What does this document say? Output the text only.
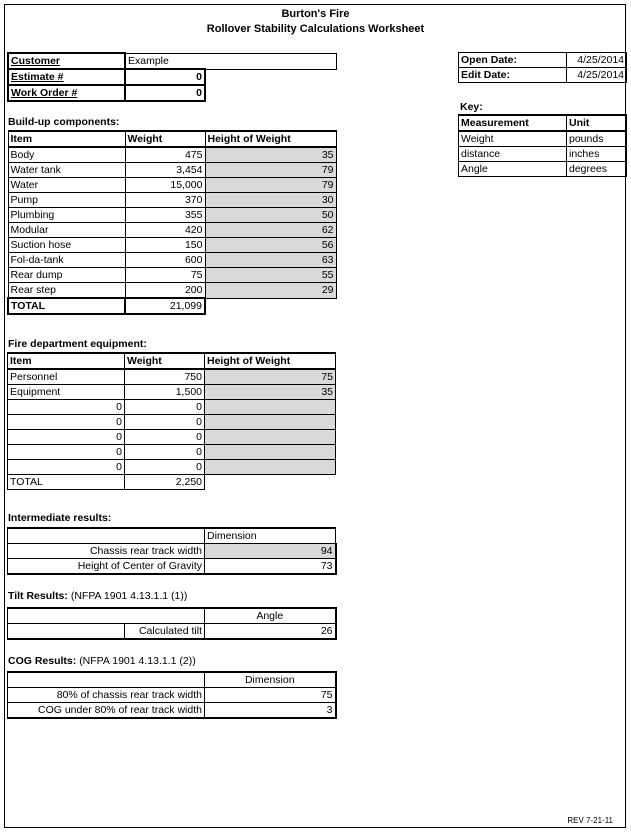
Burton's Fire
Rollover Stability Calculations Worksheet
Customer	Example	
Estimate #	0	
Work Order #	0	
Open Date:	4/25/2014
Edit Date:	4/25/2014
Key:
Measurement	Unit
Weight	pounds
distance	inches
Angle	degrees
Build-up components:
Item	Weight	Height of Weight
Body	475	35
Water tank	3,454	79
Water	15,000	79
Pump	370	30
Plumbing	355	50
Modular	420	62
Suction hose	150	56
Fol-da-tank	600	63
Rear dump	75	55
Rear step	200	29
TOTAL	21,099	
Fire department equipment:
Item	Weight	Height of Weight
Personnel	750	75
Equipment	1,500	35
0	0	
0	0	
0	0	
0	0	
0	0	
TOTAL	2,250	
Intermediate results:
	Dimension
Chassis rear track width	94
Height of Center of Gravity	73
Tilt Results: (NFPA 1901 4.13.1.1 (1))
		Angle
	Calculated tilt	26
COG Results: (NFPA 1901 4.13.1.1 (2))
	Dimension
80% of chassis rear track width	75
COG under 80% of rear track width	3
REV 7-21-11
